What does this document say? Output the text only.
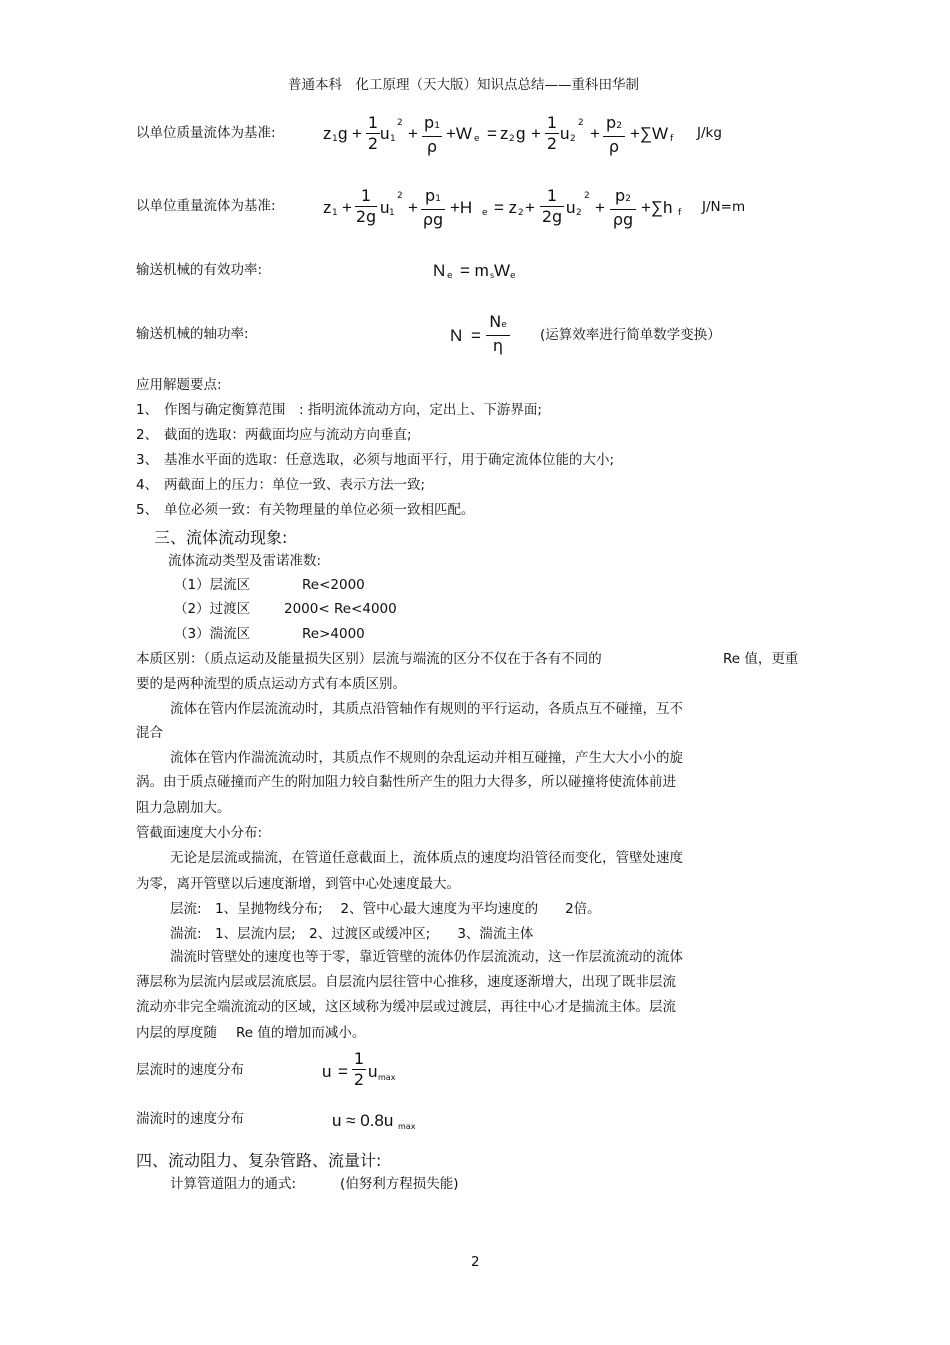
普通本科　化工原理（天大版）知识点总结——重科田华制
以单位质量流体为基准:	z 1 g +
1
2
u 1
2
+
p1
ρ
+W e = z 2 g +
1
2
u 2
2
+
p2
ρ
+∑W f J/kg
以单位重量流体为基准:	z 1 +
1
2g u 1
2
+
p1
ρg
+H e = z 2 +
1
2g u 2
2
+
p2
ρg
+∑h f J/N=m
输送机械的有效功率:	N e = m s W e
输送机械的轴功率:	N =
Ne
η
(运算效率进行简单数学变换）
应用解题要点:
1、 作图与确定衡算范围　: 指明流体流动方向，定出上、下游界面;
2、 截面的选取：两截面均应与流动方向垂直;
3、 基准水平面的选取：任意选取，必须与地面平行，用于确定流体位能的大小;
4、 两截面上的压力：单位一致、表示方法一致;
5、 单位必须一致：有关物理量的单位必须一致相匹配。
三、流体流动现象:
流体流动类型及雷诺准数:
（1）层流区	Re<2000
（2）过渡区	2000< Re<4000
（3）湍流区	Re>4000
本质区别：（质点运动及能量损失区别）层流与端流的区分不仅在于各有不同的	Re 值，更重
要的是两种流型的质点运动方式有本质区别。
流体在管内作层流流动时，其质点沿管轴作有规则的平行运动，各质点互不碰撞，互不
混合
流体在管内作湍流流动时，其质点作不规则的杂乱运动并相互碰撞，产生大大小小的旋
涡。由于质点碰撞而产生的附加阻力较自黏性所产生的阻力大得多，所以碰撞将使流体前进
阻力急剧加大。
管截面速度大小分布:
无论是层流或揣流，在管道任意截面上，流体质点的速度均沿管径而变化，管壁处速度
为零，离开管壁以后速度渐增，到管中心处速度最大。
层流:　1、呈抛物线分布;　 2、管中心最大速度为平均速度的　　2倍。
湍流:　1、层流内层;　2、过渡区或缓冲区;　　3、湍流主体
湍流时管壁处的速度也等于零，靠近管壁的流体仍作层流流动，这一作层流流动的流体
薄层称为层流内层或层流底层。自层流内层往管中心推移，速度逐渐增大，出现了既非层流
流动亦非完全端流流动的区域，这区域称为缓冲层或过渡层，再往中心才是揣流主体。层流
内层的厚度随 Re 值的增加而减小。
层流时的速度分布	u =
1
2 u max
湍流时的速度分布	u ≈ 0.8u max
四、流动阻力、复杂管路、流量计:
计算管道阻力的通式:	(伯努利方程损失能)
2
